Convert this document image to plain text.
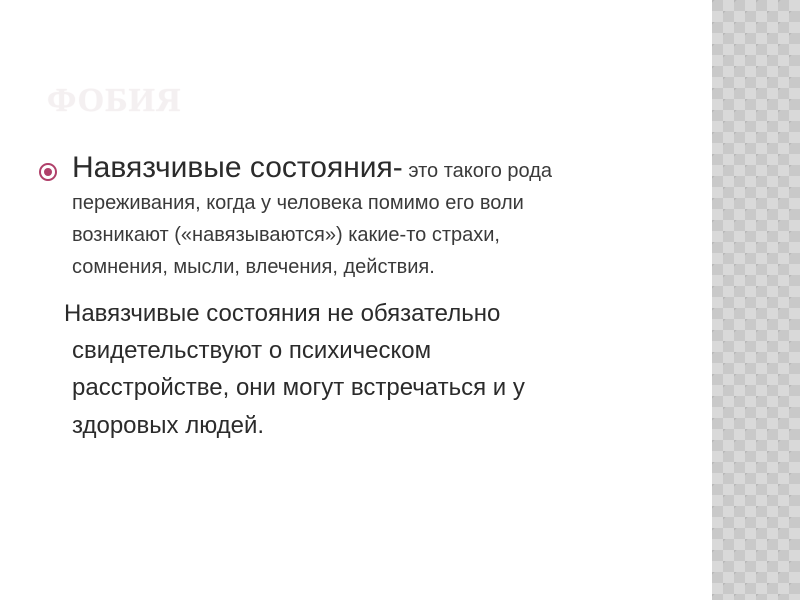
ФОБИЯ
Навязчивые состояния- это такого рода
переживания, когда у человека помимо его воли
возникают («навязываются») какие-то страхи,
сомнения, мысли, влечения, действия.
Навязчивые состояния не обязательно
свидетельствуют о психическом
расстройстве, они могут встречаться и у
здоровых людей.
